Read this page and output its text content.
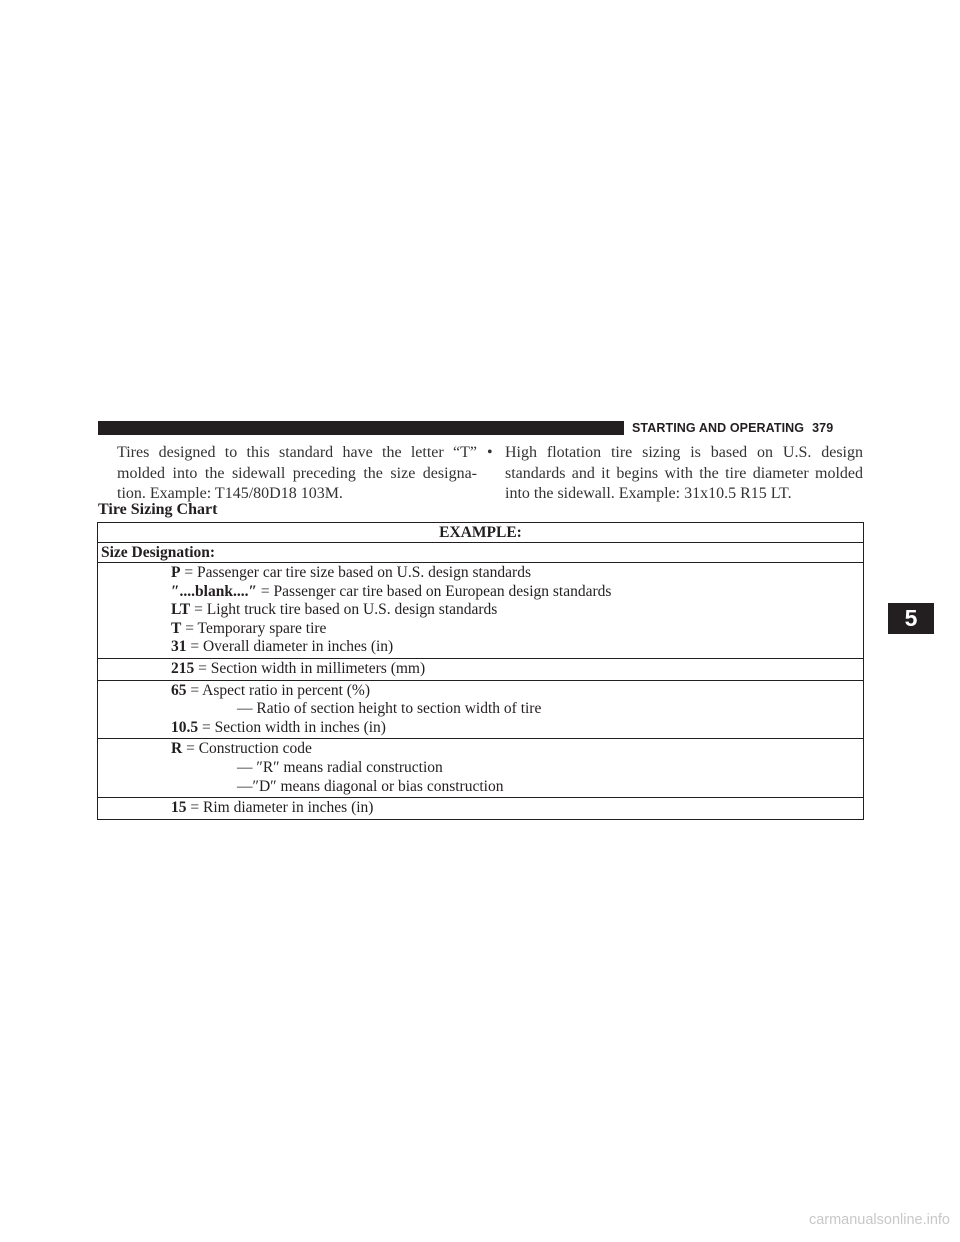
STARTING AND OPERATING 379
Tires designed to this standard have the letter “T” molded into the sidewall preceding the size designa-tion. Example: T145/80D18 103M.
• High flotation tire sizing is based on U.S. design standards and it begins with the tire diameter molded into the sidewall. Example: 31x10.5 R15 LT.
Tire Sizing Chart
EXAMPLE:
Size Designation:

P = Passenger car tire size based on U.S. design standards
″....blank....″ = Passenger car tire based on European design standards
LT = Light truck tire based on U.S. design standards
T = Temporary spare tire
31 = Overall diameter in inches (in)

215 = Section width in millimeters (mm)

65 = Aspect ratio in percent (%)
— Ratio of section height to section width of tire
10.5 = Section width in inches (in)

R = Construction code
— ″R″ means radial construction
—″D″ means diagonal or bias construction

15 = Rim diameter in inches (in)
5
carmanualsonline.info
